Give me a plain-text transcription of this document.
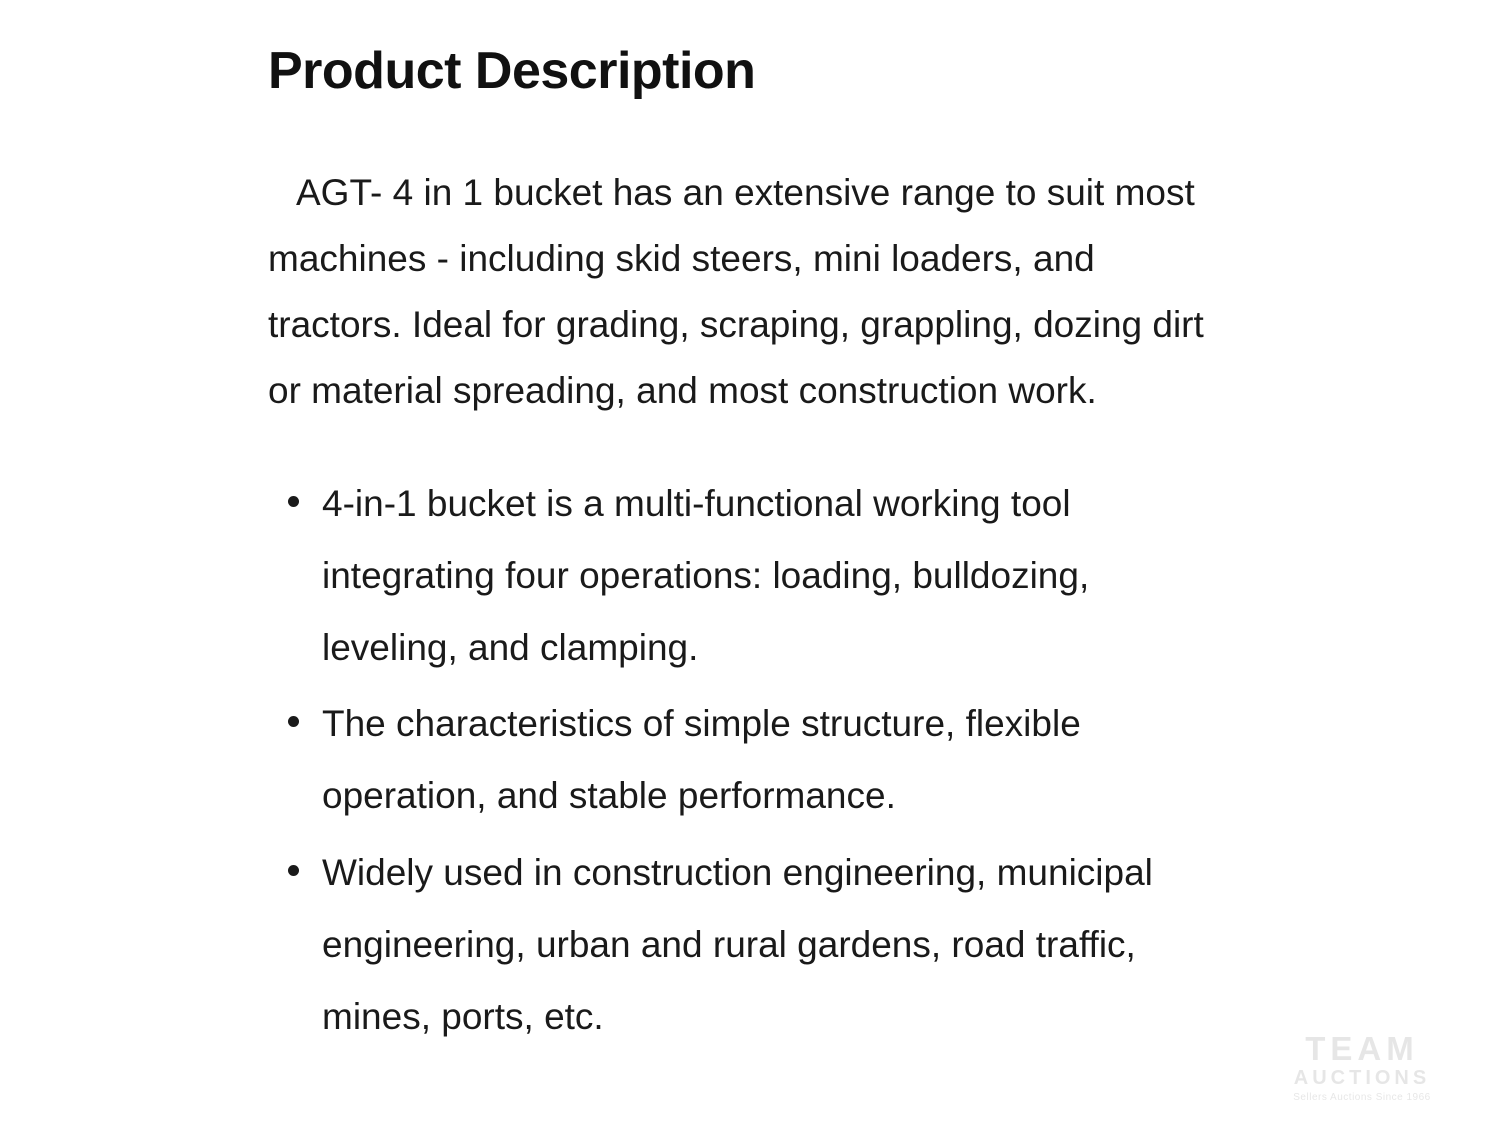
Product Description

AGT- 4 in 1 bucket has an extensive range to suit most machines - including skid steers, mini loaders, and tractors. Ideal for grading, scraping, grappling, dozing dirt or material spreading, and most construction work.

4-in-1 bucket is a multi-functional working tool integrating four operations: loading, bulldozing, leveling, and clamping.
The characteristics of simple structure, flexible operation, and stable performance.
Widely used in construction engineering, municipal engineering, urban and rural gardens, road traffic, mines, ports, etc.
TEAM
AUCTIONS
Sellers Auctions Since 1966
